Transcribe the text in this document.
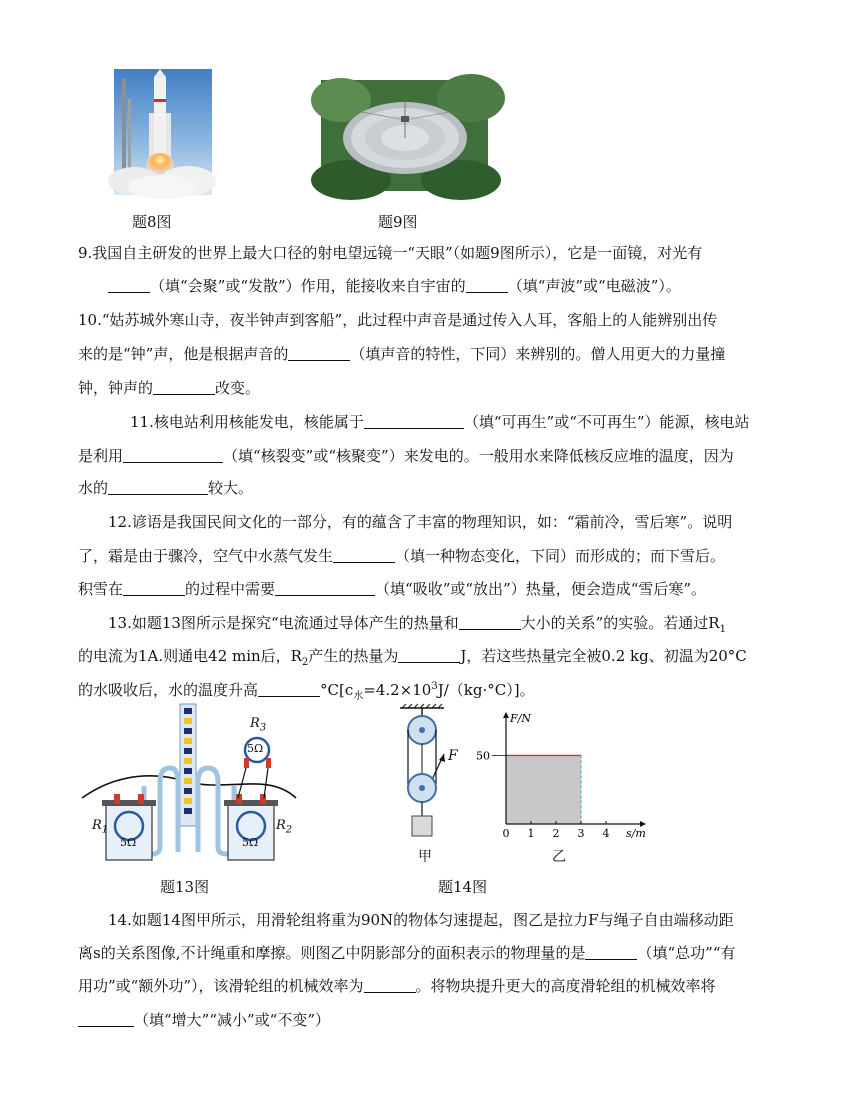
题8图	题9图
9.我国自主研发的世界上最大口径的射电望远镜一“天眼”（如题9图所示），它是一面镜，对光有
（填“会聚”或“发散”）作用，能接收来自宇宙的	（填“声波”或“电磁波”）。
10.“姑苏城外寒山寺，夜半钟声到客船”，此过程中声音是通过传入人耳，客船上的人能辨别出传
来的是“钟”声，他是根据声音的	（填声音的特性，下同）来辨别的。僧人用更大的力量撞
钟，钟声的	改变。
11.核电站利用核能发电，核能属于	（填“可再生”或“不可再生”）能源，核电站
是利用	（填“核裂变”或“核聚变”）来发电的。一般用水来降低核反应堆的温度，因为
水的	较大。
12.谚语是我国民间文化的一部分，有的蕴含了丰富的物理知识，如：“霜前冷，雪后寒”。说明
了，霜是由于骤冷，空气中水蒸气发生	（填一种物态变化，下同）而形成的；而下雪后。
积雪在	的过程中需要	（填“吸收”或“放出”）热量，便会造成“雪后寒”。
13.如题13图所示是探究“电流通过导体产生的热量和	大小的关系”的实验。若通过$R_1$
的电流为1A.则通电42 min后，$R_2$产生的热量为	J，若这些热量完全被0.2 kg、初温为20°C
的水吸收后，水的温度升高	$^\circ C[c_水=4.2\times 10^3J/(kg\cdot^\circ C)]$。
$R_3$
5Ω
$R_1$	$R_2$
5Ω	5Ω
F
甲
0 1 2 3 4
50
F/N
s/m
乙
题13图	题14图
14.如题14图甲所示，用滑轮组将重为90N的物体匀速提起，图乙是拉力F与绳子自由端移动距
离s的关系图像,不计绳重和摩擦。则图乙中阴影部分的面积表示的物理量的是	（填“总功”“有
用功”或“额外功”），该滑轮组的机械效率为	。将物块提升更大的高度滑轮组的机械效率将
（填“增大”“减小”或“不变”）
